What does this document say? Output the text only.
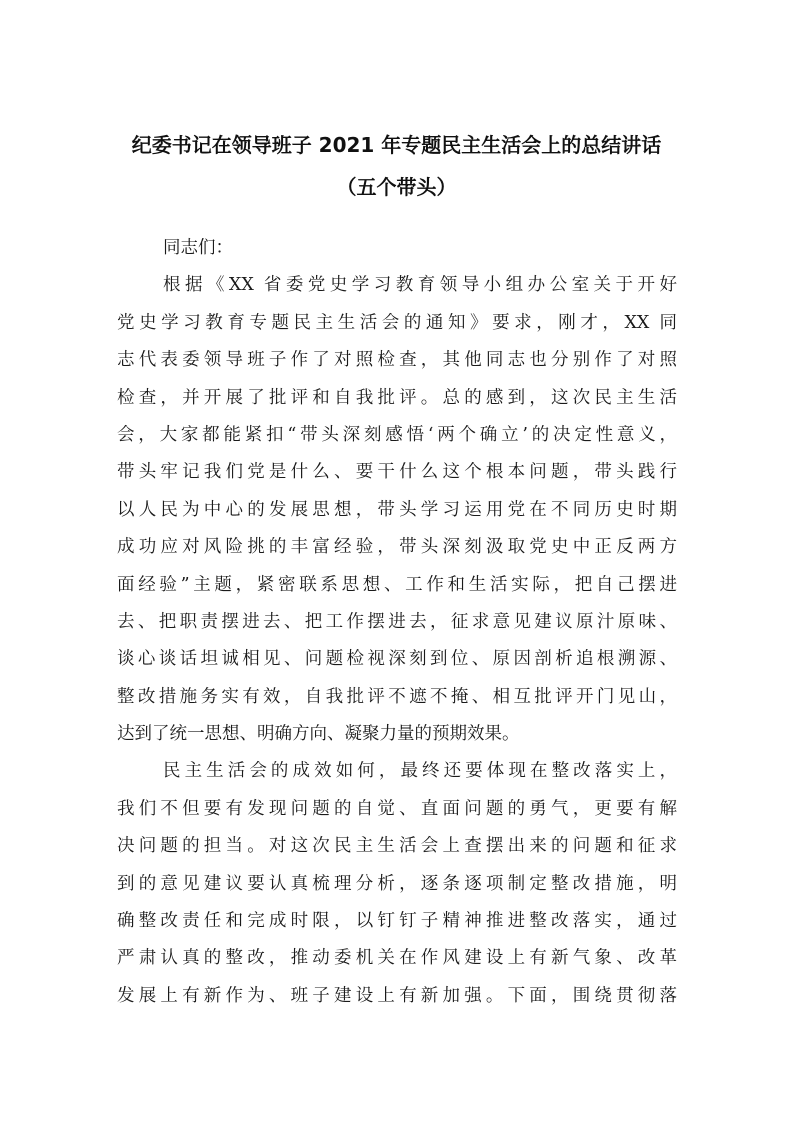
纪委书记在领导班子 2021 年专题民主生活会上的总结讲话
（五个带头）
同志们：
根据《XX 省委党史学习教育领导小组办公室关于开好
党史学习教育专题民主生活会的通知》要求，刚才，XX 同
志代表委领导班子作了对照检查，其他同志也分别作了对照
检查，并开展了批评和自我批评。总的感到，这次民主生活
会，大家都能紧扣“带头深刻感悟‘两个确立’的决定性意义，
带头牢记我们党是什么、要干什么这个根本问题，带头践行
以人民为中心的发展思想，带头学习运用党在不同历史时期
成功应对风险挑的丰富经验，带头深刻汲取党史中正反两方
面经验”主题，紧密联系思想、工作和生活实际，把自己摆进
去、把职责摆进去、把工作摆进去，征求意见建议原汁原味、
谈心谈话坦诚相见、问题检视深刻到位、原因剖析追根溯源、
整改措施务实有效，自我批评不遮不掩、相互批评开门见山，
达到了统一思想、明确方向、凝聚力量的预期效果。
民主生活会的成效如何，最终还要体现在整改落实上，
我们不但要有发现问题的自觉、直面问题的勇气，更要有解
决问题的担当。对这次民主生活会上查摆出来的问题和征求
到的意见建议要认真梳理分析，逐条逐项制定整改措施，明
确整改责任和完成时限，以钉钉子精神推进整改落实，通过
严肃认真的整改，推动委机关在作风建设上有新气象、改革
发展上有新作为、班子建设上有新加强。下面，围绕贯彻落
